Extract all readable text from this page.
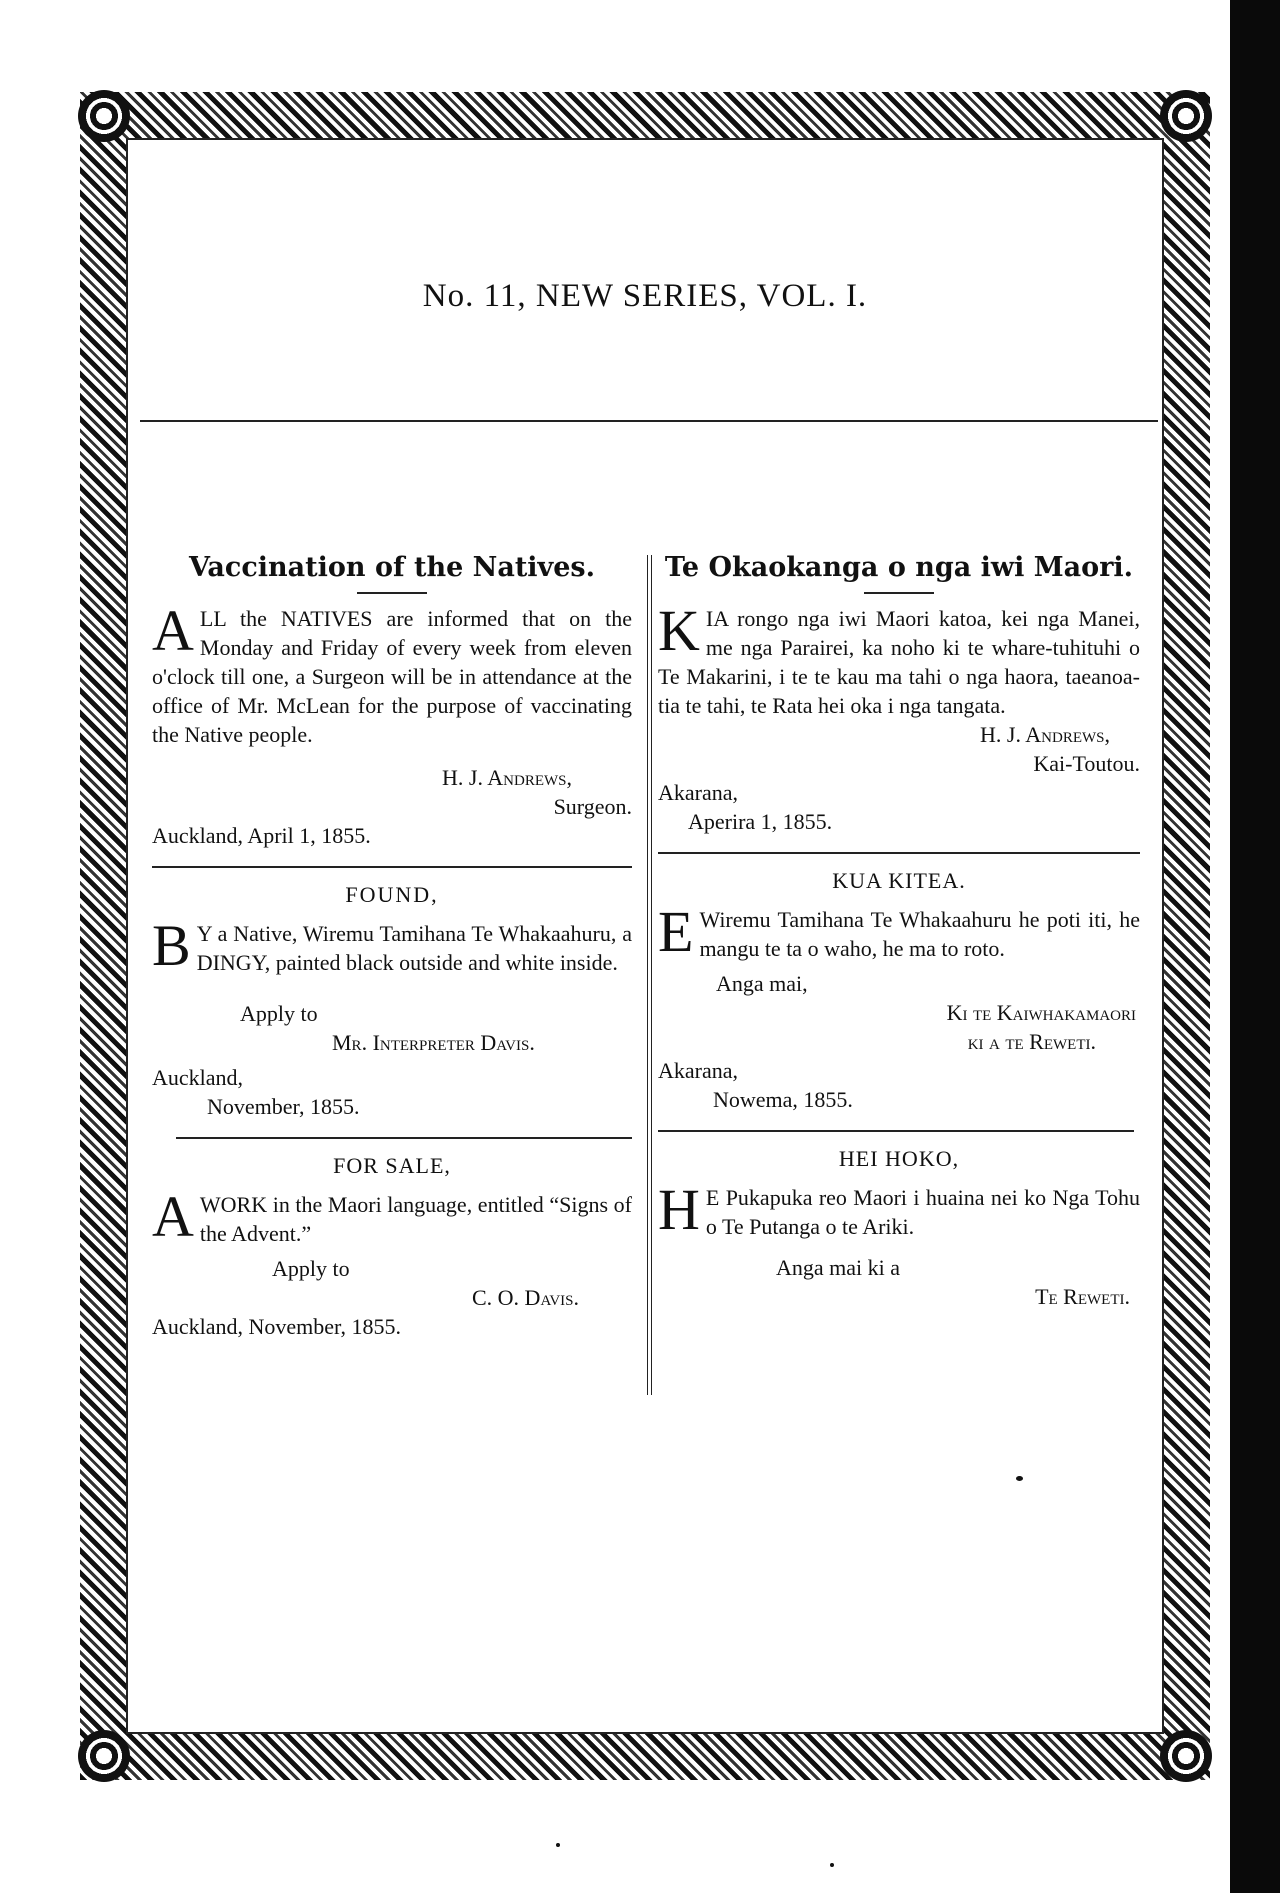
No. 11, NEW SERIES, VOL. I.
Vaccination of the Natives.

ALL the NATIVES are informed that on the Monday and Friday of every week from eleven o'clock till one, a Surgeon will be in attendance at the office of Mr. McLean for the purpose of vaccinating the Native people.

H. J. Andrews,
Surgeon.
Auckland, April 1, 1855.
FOUND,

B Y a Native, Wiremu Tamihana Te Whakaahuru, a DINGY, painted black outside and white inside.

Apply to
Mr. Interpreter Davis.
Auckland,
November, 1855.
FOR SALE,

AWORK in the Maori language, entitled “Signs of the Advent.”

Apply to
C. O. Davis.
Auckland, November, 1855.
Te Okaokanga o nga iwi Maori.

KIA rongo nga iwi Maori katoa, kei nga Manei, me nga Parairei, ka noho ki te whare-tuhituhi o Te Makarini, i te te kau ma tahi o nga haora, taeanoa-tia te tahi, te Rata hei oka i nga tangata.

H. J. Andrews,
Kai-Toutou.
Akarana,
Aperira 1, 1855.
KUA KITEA.

E Wiremu Tamihana Te Whakaahuru he poti iti, he mangu te ta o waho, he ma to roto.

Anga mai,
Ki te Kaiwhakamaori
ki a te Reweti.
Akarana,
Nowema, 1855.
HEI HOKO,

H E Pukapuka reo Maori i huaina nei ko Nga Tohu o Te Putanga o te Ariki.

Anga mai ki a
Te Reweti.
